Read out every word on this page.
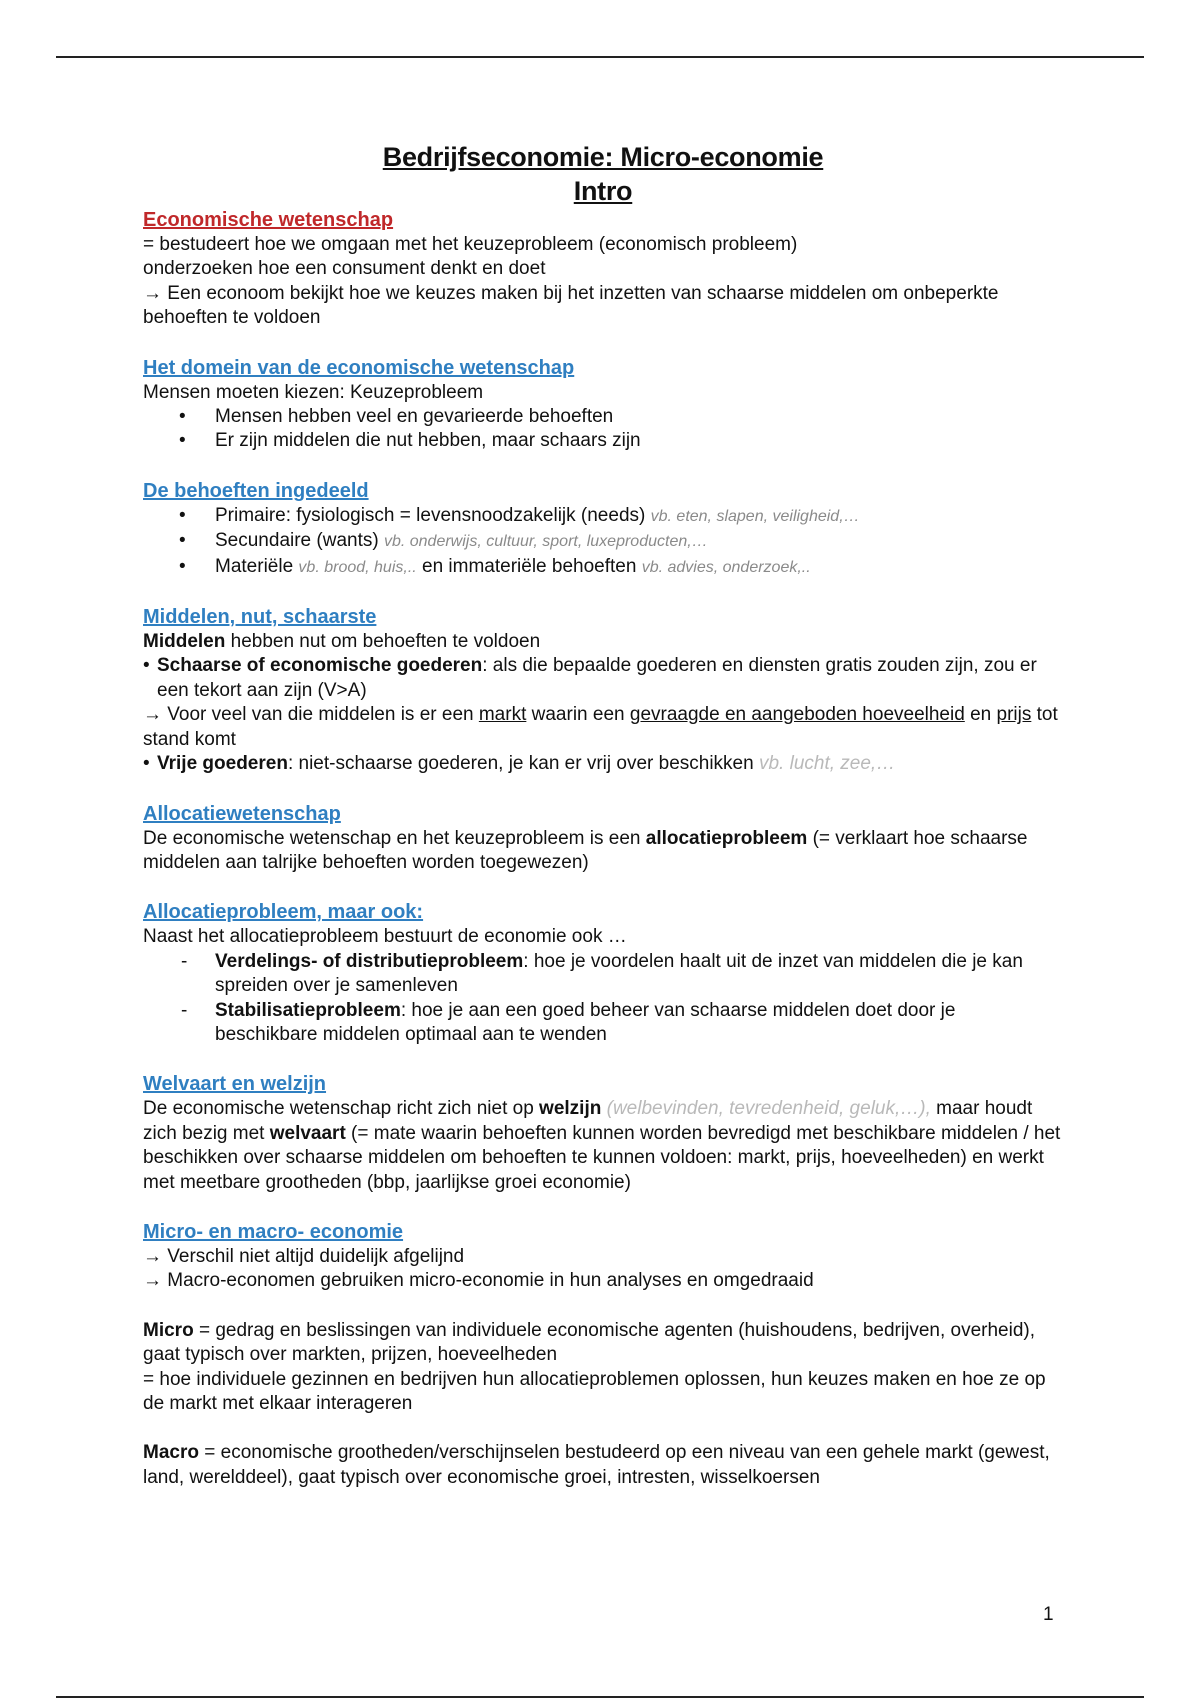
Bedrijfseconomie: Micro-economie

Intro

Economische wetenschap

= bestudeert hoe we omgaan met het keuzeprobleem (economisch probleem)

onderzoeken hoe een consument denkt en doet

→ Een econoom bekijkt hoe we keuzes maken bij het inzetten van schaarse middelen om onbeperkte behoeften te voldoen

Het domein van de economische wetenschap

Mensen moeten kiezen: Keuzeprobleem

• Mensen hebben veel en gevarieerde behoeften
• Er zijn middelen die nut hebben, maar schaars zijn
De behoeften ingedeeld
• Primaire: fysiologisch = levensnoodzakelijk (needs) vb. eten, slapen, veiligheid,…
• Secundaire (wants) vb. onderwijs, cultuur, sport, luxeproducten,…
• Materiële vb. brood, huis,.. en immateriële behoeften vb. advies, onderzoek,..
Middelen, nut, schaarste

Middelen hebben nut om behoeften te voldoen

• Schaarse of economische goederen: als die bepaalde goederen en diensten gratis zouden zijn, zou er een tekort aan zijn (V>A)

→ Voor veel van die middelen is er een markt waarin een gevraagde en aangeboden hoeveelheid en prijs tot stand komt

• Vrije goederen: niet-schaarse goederen, je kan er vrij over beschikken vb. lucht, zee,…

Allocatiewetenschap

De economische wetenschap en het keuzeprobleem is een allocatieprobleem (= verklaart hoe schaarse middelen aan talrijke behoeften worden toegewezen)

Allocatieprobleem, maar ook:

Naast het allocatieprobleem bestuurt de economie ook …

- Verdelings- of distributieprobleem: hoe je voordelen haalt uit de inzet van middelen die je kan spreiden over je samenleven
- Stabilisatieprobleem: hoe je aan een goed beheer van schaarse middelen doet door je beschikbare middelen optimaal aan te wenden
Welvaart en welzijn

De economische wetenschap richt zich niet op welzijn (welbevinden, tevredenheid, geluk,…), maar houdt zich bezig met welvaart (= mate waarin behoeften kunnen worden bevredigd met beschikbare middelen / het beschikken over schaarse middelen om behoeften te kunnen voldoen: markt, prijs, hoeveelheden) en werkt met meetbare grootheden (bbp, jaarlijkse groei economie)

Micro- en macro- economie

→ Verschil niet altijd duidelijk afgelijnd

→ Macro-economen gebruiken micro-economie in hun analyses en omgedraaid

Micro = gedrag en beslissingen van individuele economische agenten (huishoudens, bedrijven, overheid), gaat typisch over markten, prijzen, hoeveelheden

= hoe individuele gezinnen en bedrijven hun allocatieproblemen oplossen, hun keuzes maken en hoe ze op de markt met elkaar interageren

Macro = economische grootheden/verschijnselen bestudeerd op een niveau van een gehele markt (gewest, land, werelddeel), gaat typisch over economische groei, intresten, wisselkoersen

1
